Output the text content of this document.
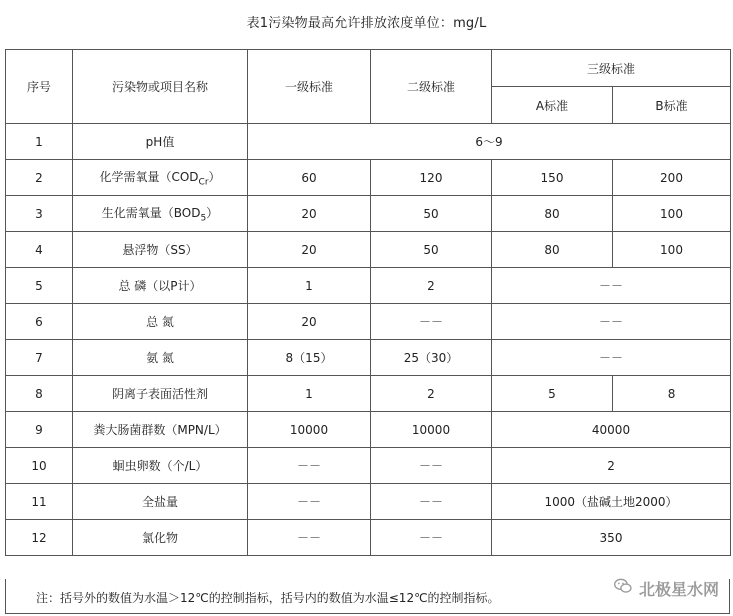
表1污染物最高允许排放浓度单位：mg/L
序号	污染物或项目名称	一级标准	二级标准	三级标准	
				A标准	B标准
1	pH值	6～9			
2	化学需氧量$(COD_{Cr})$	60	120	150	200
3	生化需氧量$(BOD_5)$	20	50	80	100
4	悬浮物（SS）	20	50	80	100
5	总 磷（以P计）	1	2	－－	
6	总 氮	20	－－	－－	
7	氨 氮	8（15）	25（30）	－－	
8	阴离子表面活性剂	1	2	5	8
9	粪大肠菌群数（MPN/L）	10000	10000	40000	
10	蛔虫卵数（个/L）	－－	－－	2	
11	全盐量	－－	－－	1000（盐碱土地2000）	
12	氯化物	－－	－－	350	
注：括号外的数值为水温＞12℃的控制指标，括号内的数值为水温≤12℃的控制指标。	北极星水网
